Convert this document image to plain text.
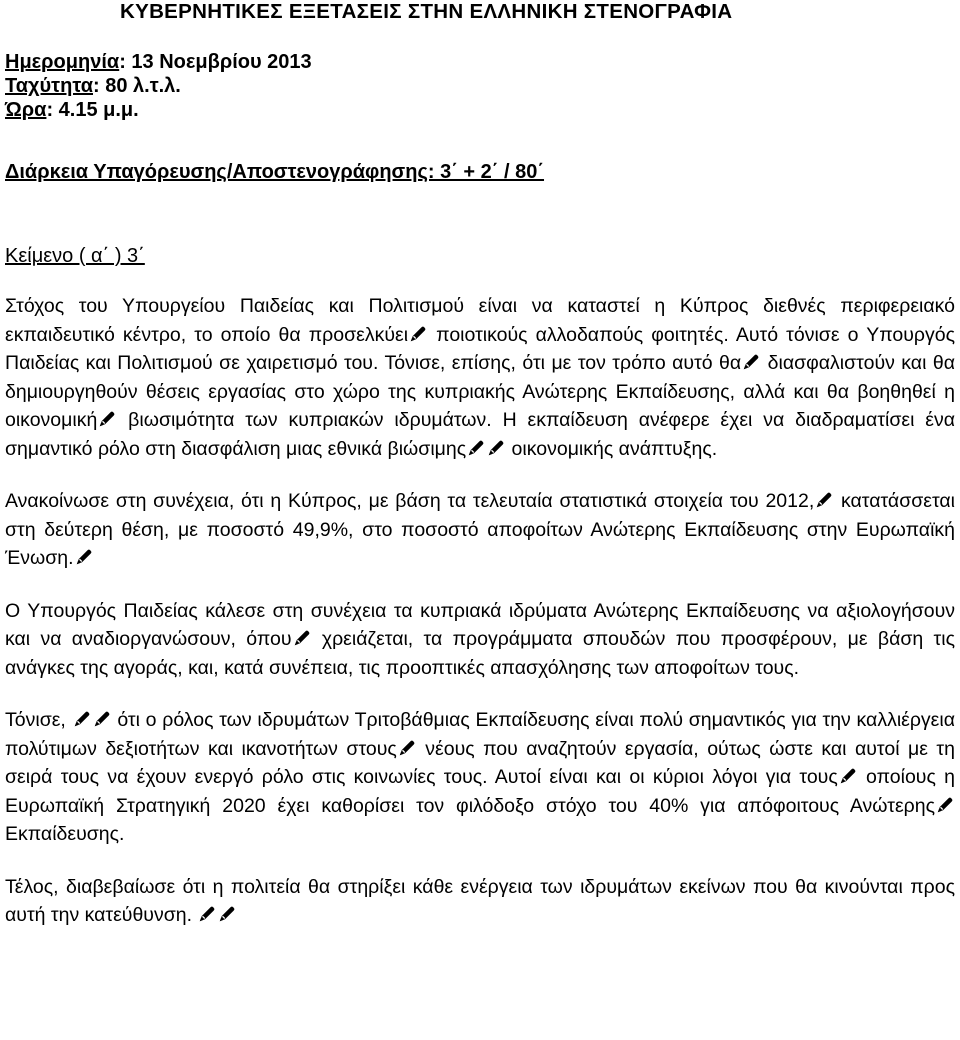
ΚΥΒΕΡΝΗΤΙΚΕΣ ΕΞΕΤΑΣΕΙΣ ΣΤΗΝ ΕΛΛΗΝΙΚΗ ΣΤΕΝΟΓΡΑΦΙΑ
Ημερομηνία: 13 Νοεμβρίου 2013
Ταχύτητα: 80 λ.τ.λ.
Ώρα: 4.15 μ.μ.
Διάρκεια Υπαγόρευσης/Αποστενογράφησης: 3΄ + 2΄ / 80΄
Κείμενο ( α΄ ) 3΄

Στόχος του Υπουργείου Παιδείας και Πολιτισμού είναι να καταστεί η Κύπρος διεθνές περιφερειακό εκπαιδευτικό κέντρο, το οποίο θα προσελκύει
ποιοτικούς αλλοδαπούς φοιτητές. Αυτό τόνισε ο Υπουργός Παιδείας και Πολιτισμού σε χαιρετισμό του. Τόνισε, επίσης, ότι με τον τρόπο αυτό θα
διασφαλιστούν και θα δημιουργηθούν θέσεις εργασίας στο χώρο της κυπριακής Ανώτερης Εκπαίδευσης, αλλά και θα βοηθηθεί η οικονομική
βιωσιμότητα των κυπριακών ιδρυμάτων. Η εκπαίδευση ανέφερε έχει να διαδραματίσει ένα σημαντικό ρόλο στη διασφάλιση μιας εθνικά βιώσιμης
οικονομικής ανάπτυξης.

Ανακοίνωσε στη συνέχεια, ότι η Κύπρος, με βάση τα τελευταία στατιστικά στοιχεία του 2012,
κατατάσσεται στη δεύτερη θέση, με ποσοστό 49,9%, στο ποσοστό αποφοίτων Ανώτερης Εκπαίδευσης στην Ευρωπαϊκή Ένωση.

Ο Υπουργός Παιδείας κάλεσε στη συνέχεια τα κυπριακά ιδρύματα Ανώτερης Εκπαίδευσης να αξιολογήσουν και να αναδιοργανώσουν, όπου
χρειάζεται, τα προγράμματα σπουδών που προσφέρουν, με βάση τις ανάγκες της αγοράς, και, κατά συνέπεια, τις προοπτικές απασχόλησης των αποφοίτων τους.

Τόνισε,
ότι ο ρόλος των ιδρυμάτων Τριτοβάθμιας Εκπαίδευσης είναι πολύ σημαντικός για την καλλιέργεια πολύτιμων δεξιοτήτων και ικανοτήτων στους
νέους που αναζητούν εργασία, ούτως ώστε και αυτοί με τη σειρά τους να έχουν ενεργό ρόλο στις κοινωνίες τους. Αυτοί είναι και οι κύριοι λόγοι για τους
οποίους η Ευρωπαϊκή Στρατηγική 2020 έχει καθορίσει τον φιλόδοξο στόχο του 40% για απόφοιτους Ανώτερης
Εκπαίδευσης.

Τέλος, διαβεβαίωσε ότι η πολιτεία θα στηρίξει κάθε ενέργεια των ιδρυμάτων εκείνων που θα κινούνται προς αυτή την κατεύθυνση.
